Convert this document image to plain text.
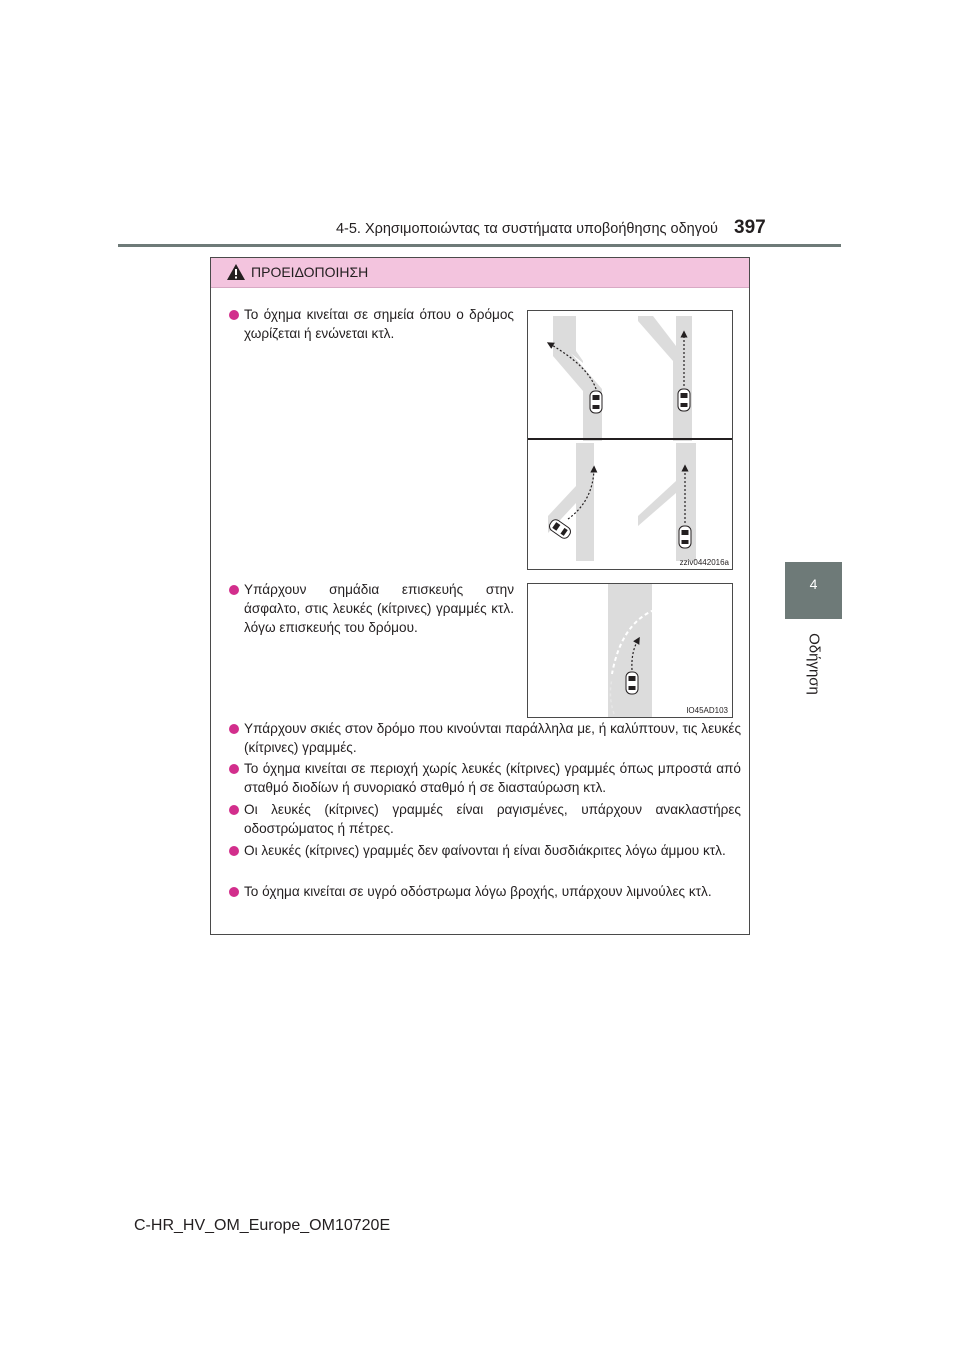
4-5. Χρησιμοποιώντας τα συστήματα υποβοήθησης οδηγού 397
4
Οδήγηση
ΠΡΟΕΙΔΟΠΟΙΗΣΗ
Το όχημα κινείται σε σημεία όπου ο δρόμος χωρίζεται ή ενώνεται κτλ.
zziv0442016a
Υπάρχουν σημάδια επισκευής στην άσφαλτο, στις λευκές (κίτρινες) γραμμές κτλ. λόγω επισκευής του δρόμου.
IO45AD103
Υπάρχουν σκιές στον δρόμο που κινούνται παράλληλα με, ή καλύπτουν, τις λευκές (κίτρινες) γραμμές.
Το όχημα κινείται σε περιοχή χωρίς λευκές (κίτρινες) γραμμές όπως μπροστά από σταθμό διοδίων ή συνοριακό σταθμό ή σε διασταύρωση κτλ.
Οι λευκές (κίτρινες) γραμμές είναι ραγισμένες, υπάρχουν ανακλαστήρες οδοστρώματος ή πέτρες.
Οι λευκές (κίτρινες) γραμμές δεν φαίνονται ή είναι δυσδιάκριτες λόγω άμμου κτλ.
Το όχημα κινείται σε υγρό οδόστρωμα λόγω βροχής, υπάρχουν λιμνούλες κτλ.
C-HR_HV_OM_Europe_OM10720E
